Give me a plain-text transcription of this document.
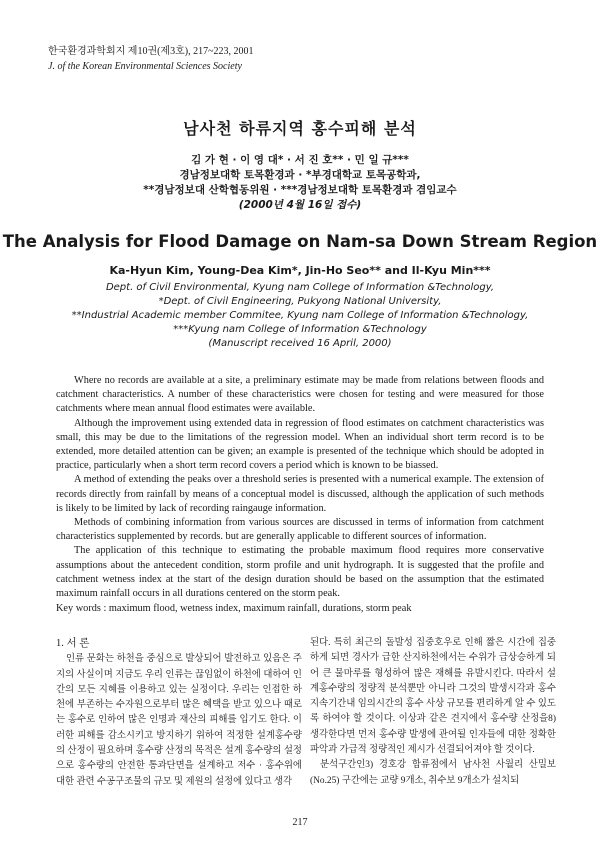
한국환경과학회지 제10권(제3호), 217~223, 2001
J. of the Korean Environmental Sciences Society
남사천 하류지역 홍수피해 분석
김 가 현 · 이 영 대* · 서 진 호** · 민 일 규***
경남정보대학 토목환경과 · *부경대학교 토목공학과,
**경남정보대 산학협동위원 · ***경남정보대학 토목환경과 겸임교수
(2000년 4월 16일 접수)
The Analysis for Flood Damage on Nam-sa Down Stream Region
Ka-Hyun Kim, Young-Dea Kim*, Jin-Ho Seo** and Il-Kyu Min***
Dept. of Civil Environmental, Kyung nam College of Information &Technology,
*Dept. of Civil Engineering, Pukyong National University,
**Industrial Academic member Commitee, Kyung nam College of Information &Technology,
***Kyung nam College of Information &Technology
(Manuscript received 16 April, 2000)

Where no records are available at a site, a preliminary estimate may be made from relations between floods and catchment characteristics. A number of these characteristics were chosen for testing and were measured for those catchments where mean annual flood estimates were available.

Although the improvement using extended data in regression of flood estimates on catchment characteristics was small, this may be due to the limitations of the regression model. When an individual short term record is to be extended, more detailed attention can be given; an example is presented of the technique which should be adopted in practice, particularly when a short term record covers a period which is known to be biassed.

A method of extending the peaks over a threshold series is presented with a numerical example. The extension of records directly from rainfall by means of a conceptual model is discussed, although the application of such methods is likely to be limited by lack of recording raingauge information.

Methods of combining information from various sources are discussed in terms of information from catchment characteristics supplemented by records. but are generally applicable to different sources of information.

The application of this technique to estimating the probable maximum flood requires more conservative assumptions about the antecedent condition, storm profile and unit hydrograph. It is suggested that the profile and catchment wetness index at the start of the design duration should be based on the assumption that the estimated maximum rainfall occurs in all durations centered on the storm peak.

Key words : maximum flood, wetness index, maximum rainfall, durations, storm peak
1. 서 론

인류 문화는 하천을 중심으로 발상되어 발전하고 있음은 주지의 사실이며 지금도 우리 인류는 끊임없이 하천에 대하여 인간의 모든 지혜를 이용하고 있는 실정이다. 우리는 인접한 하천에 부존하는 수자원으로부터 많은 혜택을 받고 있으나 때로는 홍수로 인하여 많은 인명과 재산의 피해를 입기도 한다. 이러한 피해를 감소시키고 방지하기 위하여 적정한 설계홍수량의 산정이 필요하며 홍수량 산정의 목적은 설계 홍수량의 설정으로 홍수량의 안전한 통과단면을 설계하고 저수 · 홍수위에 대한 관련 수공구조물의 규모 및 제원의 설정에 있다고 생각

된다. 특히 최근의 돌발성 집중호우로 인해 짧은 시간에 집중하게 되면 경사가 급한 산지하천에서는 수위가 급상승하게 되어 큰 물마루를 형성하여 많은 재해를 유발시킨다. 따라서 설계홍수량의 정량적 분석뿐만 아니라 그것의 발생시각과 홍수지속기간내 임의시간의 홍수 사상 규모를 편리하게 알 수 있도록 하여야 할 것이다. 이상과 같은 견지에서 홍수량 산정을8) 생각한다면 먼저 홍수량 발생에 관여될 인자들에 대한 정확한 파악과 가급적 정량적인 제시가 선결되어져야 할 것이다.

분석구간인3) 경호강 합류점에서 남사천 사월리 산밀보(No.25) 구간에는 교량 9개소, 취수보 9개소가 설치되

217
